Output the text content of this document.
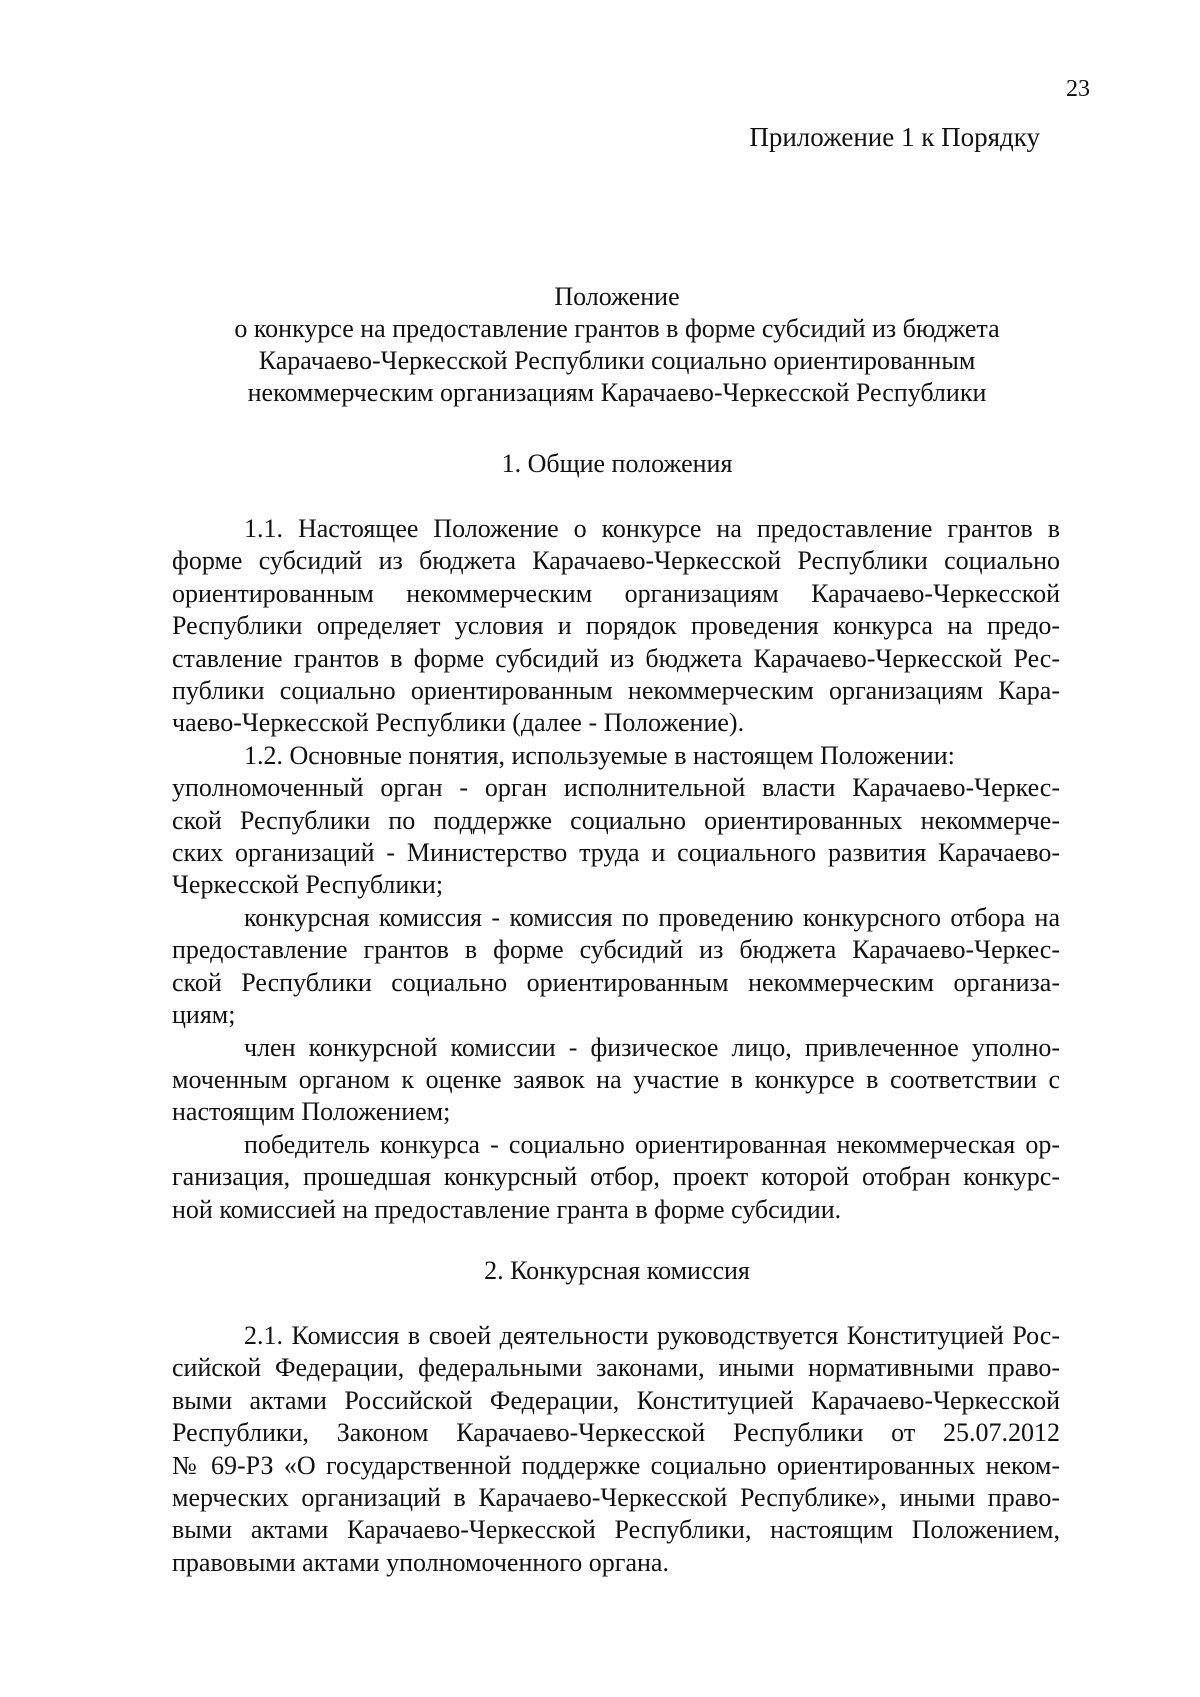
23
Приложение 1 к Порядку
Положение
о конкурсе на предоставление грантов в форме субсидий из бюджета
Карачаево-Черкесской Республики социально ориентированным
некоммерческим организациям Карачаево-Черкесской Республики
1. Общие положения
1.1. Настоящее Положение о конкурсе на предоставление грантов в
форме субсидий из бюджета Карачаево-Черкесской Республики социально
ориентированным некоммерческим организациям Карачаево-Черкесской
Республики определяет условия и порядок проведения конкурса на предо-
ставление грантов в форме субсидий из бюджета Карачаево-Черкесской Рес-
публики социально ориентированным некоммерческим организациям Кара-
чаево-Черкесской Республики (далее - Положение).
1.2. Основные понятия, используемые в настоящем Положении:
уполномоченный орган - орган исполнительной власти Карачаево-Черкес-
ской Республики по поддержке социально ориентированных некоммерче-
ских организаций - Министерство труда и социального развития Карачаево-
Черкесской Республики;
конкурсная комиссия - комиссия по проведению конкурсного отбора на
предоставление грантов в форме субсидий из бюджета Карачаево-Черкес-
ской Республики социально ориентированным некоммерческим организа-
циям;
член конкурсной комиссии - физическое лицо, привлеченное уполно-
моченным органом к оценке заявок на участие в конкурсе в соответствии с
настоящим Положением;
победитель конкурса - социально ориентированная некоммерческая ор-
ганизация, прошедшая конкурсный отбор, проект которой отобран конкурс-
ной комиссией на предоставление гранта в форме субсидии.
2. Конкурсная комиссия
2.1. Комиссия в своей деятельности руководствуется Конституцией Рос-
сийской Федерации, федеральными законами, иными нормативными право-
выми актами Российской Федерации, Конституцией Карачаево-Черкесской
Республики, Законом Карачаево-Черкесской Республики от 25.07.2012
№ 69-РЗ «О государственной поддержке социально ориентированных неком-
мерческих организаций в Карачаево-Черкесской Республике», иными право-
выми актами Карачаево-Черкесской Республики, настоящим Положением,
правовыми актами уполномоченного органа.
